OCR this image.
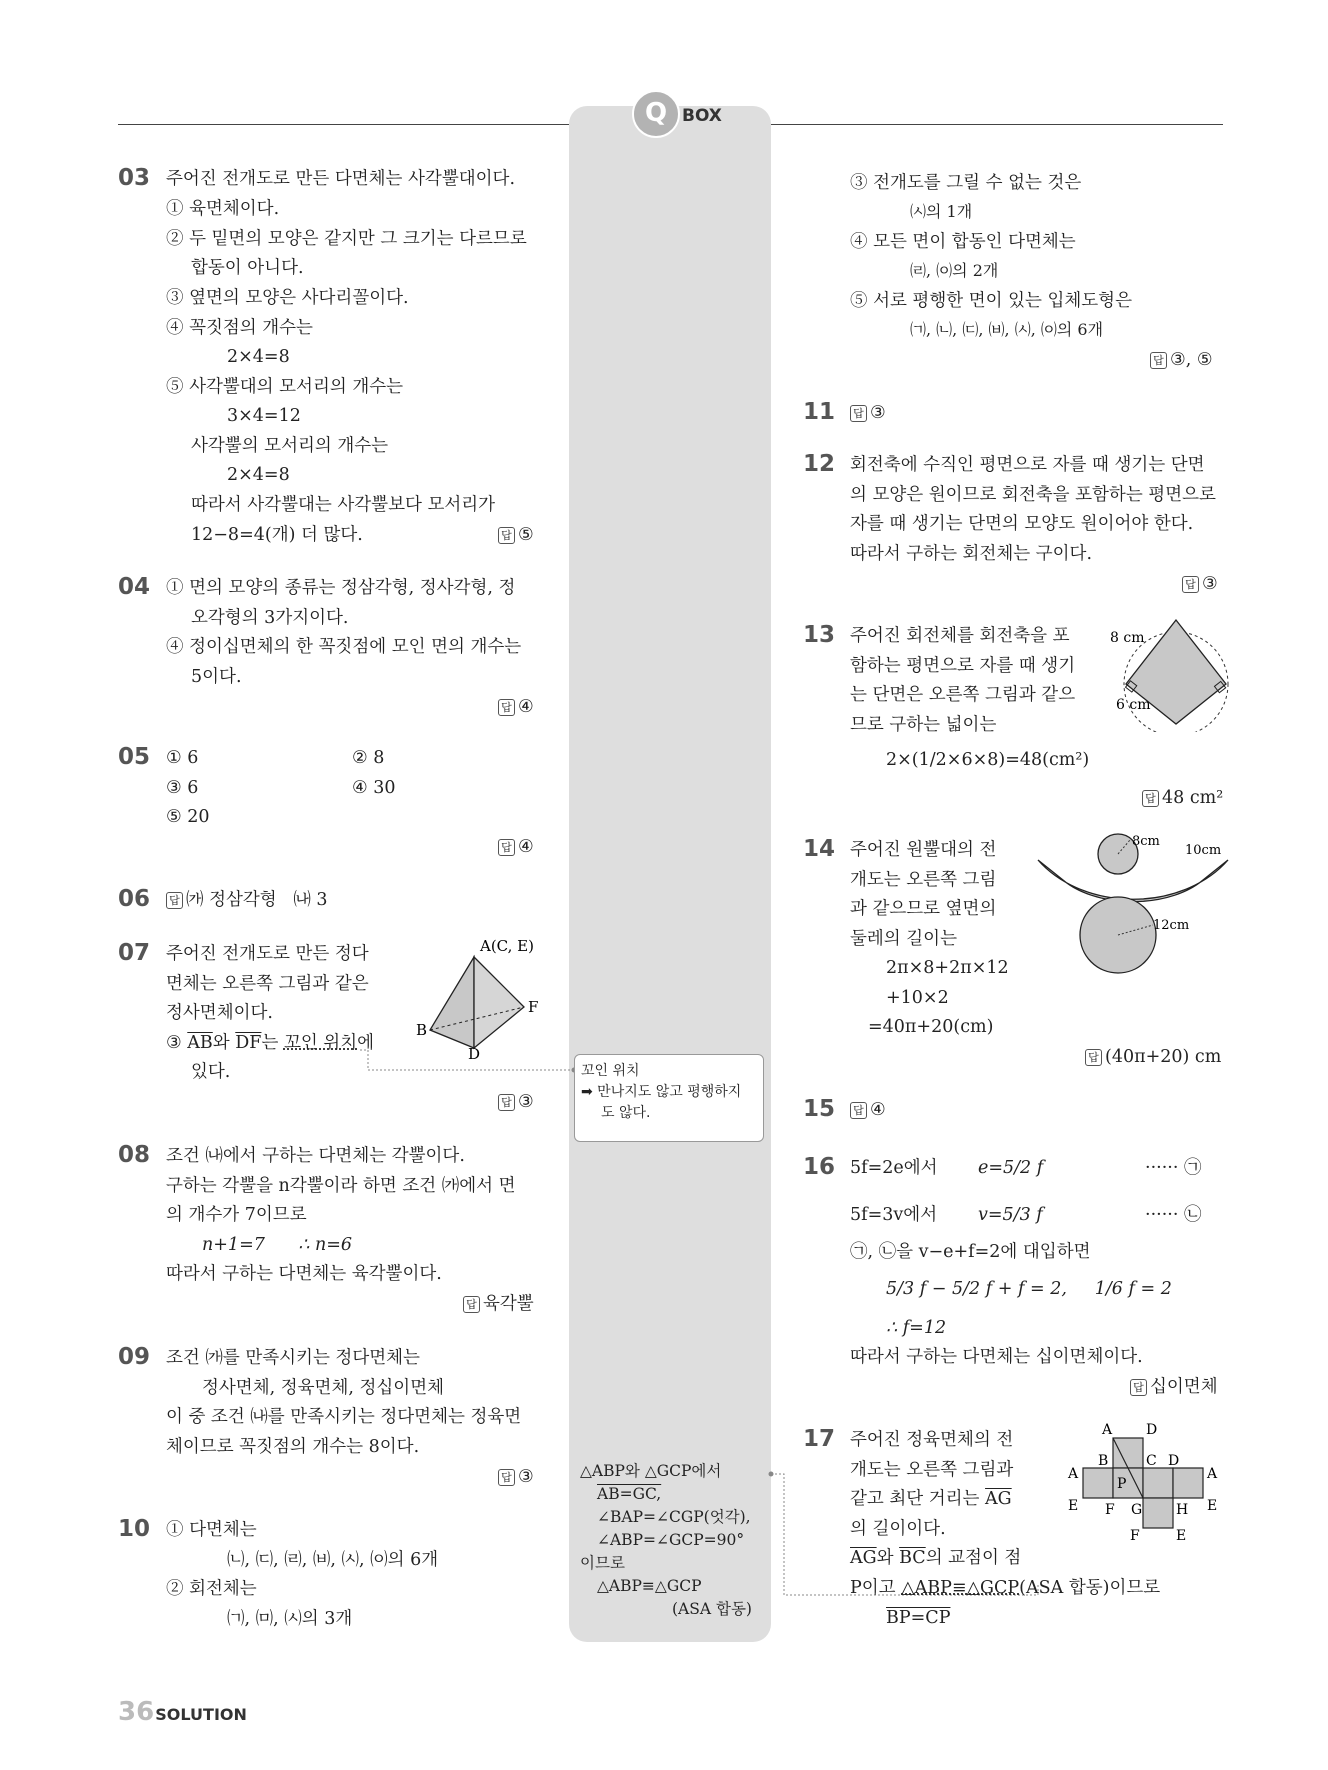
Q BOX
03 주어진 전개도로 만든 다면체는 사각뿔대이다.
① 육면체이다.
② 두 밑면의 모양은 같지만 그 크기는 다르므로
합동이 아니다.
③ 옆면의 모양은 사다리꼴이다.
④ 꼭짓점의 개수는
2×4=8
⑤ 사각뿔대의 모서리의 개수는
3×4=12
사각뿔의 모서리의 개수는
2×4=8
따라서 사각뿔대는 사각뿔보다 모서리가
12−8=4(개) 더 많다. 답	⑤
04 ① 면의 모양의 종류는 정삼각형, 정사각형, 정
오각형의 3가지이다.
④ 정이십면체의 한 꼭짓점에 모인 면의 개수는
5이다.
답④
05 ① 6	② 8
③ 6	④ 30
⑤ 20
답④
06 답	㈎ 정삼각형   ㈏ 3
07 주어진 전개도로 만든 정다
면체는 오른쪽 그림과 같은
정사면체이다.
③ $\overline{AB}$와 $\overline{DF}$는 꼬인 위치에
있다.
A(C, E)
B
D
F
답③
08 조건 ㈏에서 구하는 다면체는 각뿔이다.
구하는 각뿔을 n각뿔이라 하면 조건 ㈎에서 면
의 개수가 7이므로
n+1=7      ∴ n=6
따라서 구하는 다면체는 육각뿔이다.
답육각뿔
09 조건 ㈎를 만족시키는 정다면체는
정사면체, 정육면체, 정십이면체
이 중 조건 ㈏를 만족시키는 정다면체는 정육면
체이므로 꼭짓점의 개수는 8이다.
답③
10 ① 다면체는
㈁, ㈂, ㈃, ㈅, ㈆, ㈇의 6개
② 회전체는
㈀, ㈄, ㈆의 3개
꼬인 위치
➡ 만나지도 않고 평행하지
도 않다.
△ABP와 △GCP에서
AB=GC,
∠BAP=∠CGP(엇각),
∠ABP=∠GCP=90°
이므로
△ABP≡△GCP
(ASA 합동)
③ 전개도를 그릴 수 없는 것은
㈆의 1개
④ 모든 면이 합동인 다면체는
㈃, ㈇의 2개
⑤ 서로 평행한 면이 있는 입체도형은
㈀, ㈁, ㈂, ㈅, ㈆, ㈇의 6개
답③, ⑤
11 답	③
12 회전축에 수직인 평면으로 자를 때 생기는 단면
의 모양은 원이므로 회전축을 포함하는 평면으로
자를 때 생기는 단면의 모양도 원이어야 한다.
따라서 구하는 회전체는 구이다.
답③
13 주어진 회전체를 회전축을 포
함하는 평면으로 자를 때 생기
는 단면은 오른쪽 그림과 같으
므로 구하는 넓이는
2×(1/2×6×8)=48(cm²)
8 cm
6 cm
답48 cm²
14 주어진 원뿔대의 전
개도는 오른쪽 그림
과 같으므로 옆면의
둘레의 길이는
2π×8+2π×12
+10×2
=40π+20(cm)
8cm
10cm
12cm
답(40π+20) cm
15 답	④
16 5f=2e에서 e=5/2 f	······ ㉠
5f=3v에서 v=5/3 f	······ ㉡
㉠, ㉡을 v−e+f=2에 대입하면
5/3 f − 5/2 f + f = 2,     1/6 f = 2
∴ f=12
따라서 구하는 다면체는 십이면체이다.
답십이면체
17 주어진 정육면체의 전
개도는 오른쪽 그림과
같고 최단 거리는 $\overline{AG}$
의 길이이다.
$\overline{AG}$와 $\overline{BC}$의 교점이 점
P이고 △ABP≡△GCP(ASA 합동)이므로
BP=CP
A D
A
B	C D
A
P
E F G H E
F	E
36 SOLUTION
